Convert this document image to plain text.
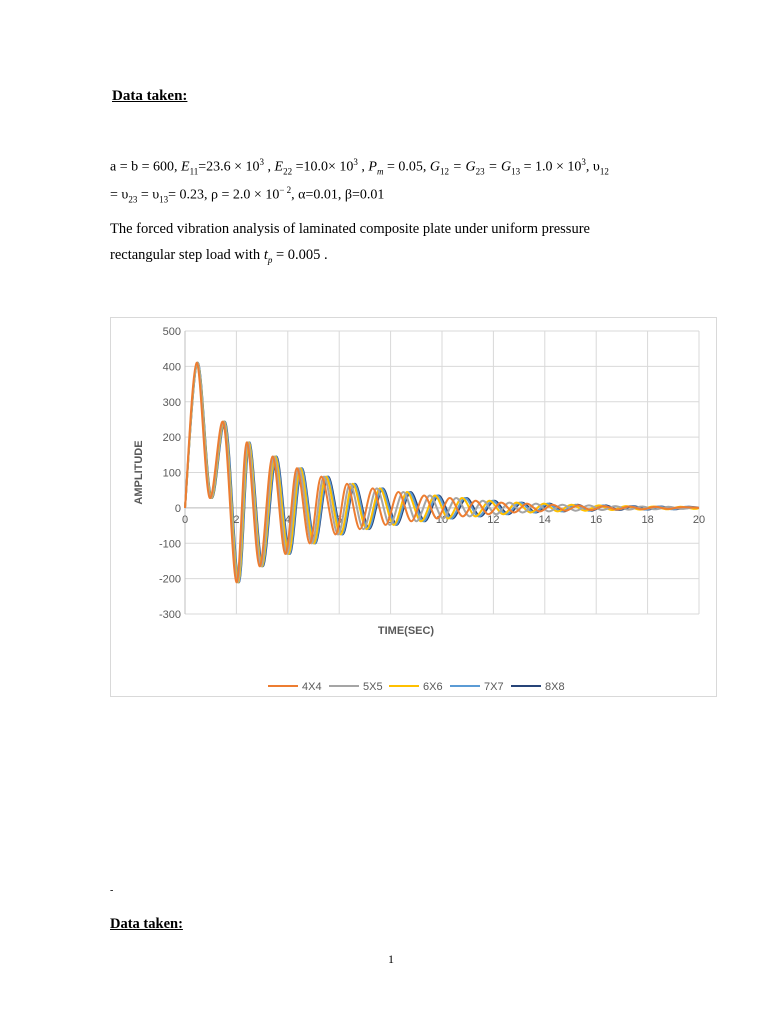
Data taken:
a = b = 600, $E_{11}=23.6 \times 10^3$ , $E_{22} =10.0\times 10^3$ , $P_m = 0.05$, $G_{12} = G_{23} = G_{13} = 1.0 \times 10^3$, $\upsilon_{12}$
= $\upsilon_{23} = \upsilon_{13}= 0.23$, $\rho = 2.0 \times 10^{- 2}$, α=0.01, β=0.01
The forced vibration analysis of laminated composite plate under uniform pressure
rectangular step load with $t_p = 0.005$ .
500
400
300
200
100
0
-100
-200
-300
0	2	4	6	8	10	12	14	16	18	20
AMPLITUDE
TIME(SEC)
4X4	5X5	6X6	7X7	8X8
-
Data taken:
1
